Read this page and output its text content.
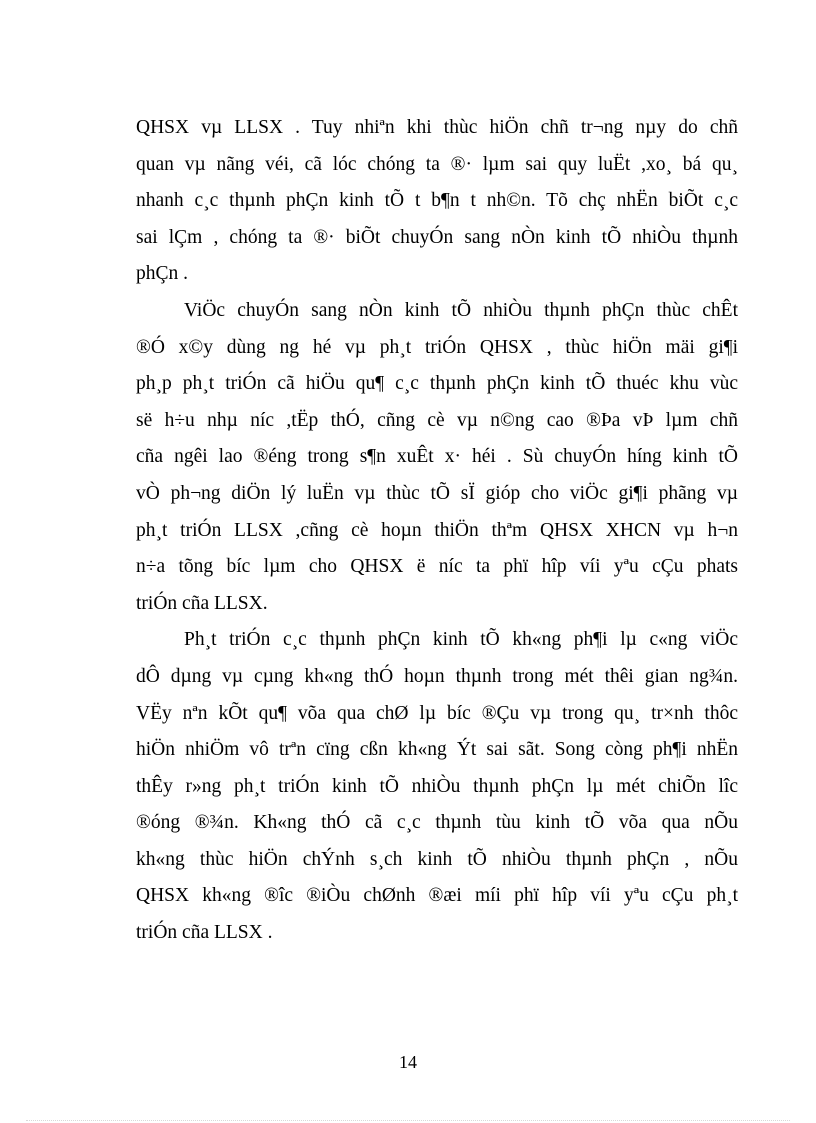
QHSX vµ LLSX . Tuy nhiªn khi thùc hiÖn chñ tr¬ng nµy do chñ
quan vµ nãng véi, cã lóc chóng ta ®· lµm sai quy luËt ,xo¸ bá qu¸
nhanh c¸c thµnh phÇn kinh tÕ t b¶n t nh©n. Tõ chç nhËn biÕt c¸c
sai lÇm , chóng ta ®· biÕt chuyÓn sang nÒn kinh tÕ nhiÒu thµnh
phÇn .
ViÖc chuyÓn sang nÒn kinh tÕ nhiÒu thµnh phÇn thùc chÊt
®Ó x©y dùng ng hé vµ ph¸t triÓn QHSX , thùc hiÖn mäi gi¶i
ph¸p ph¸t triÓn cã hiÖu qu¶ c¸c thµnh phÇn kinh tÕ thuéc khu vùc
së h÷u nhµ níc ,tËp thÓ, cñng cè vµ n©ng cao ®Þa vÞ lµm chñ
cña ngêi lao ®éng trong s¶n xuÊt x· héi . Sù chuyÓn híng kinh tÕ
vÒ ph¬ng diÖn lý luËn vµ thùc tÕ sÏ gióp cho viÖc gi¶i phãng vµ
ph¸t triÓn LLSX ,cñng cè hoµn thiÖn thªm QHSX XHCN vµ h¬n
n÷a tõng bíc lµm cho QHSX ë níc ta phï hîp víi yªu cÇu phats
triÓn cña LLSX.
Ph¸t triÓn c¸c thµnh phÇn kinh tÕ kh«ng ph¶i lµ c«ng viÖc
dÔ dµng vµ cµng kh«ng thÓ hoµn thµnh trong mét thêi gian ng¾n.
VËy nªn kÕt qu¶ võa qua chØ lµ bíc ®Çu vµ trong qu¸ tr×nh thôc
hiÖn nhiÖm vô trªn cïng cßn kh«ng Ýt sai sãt. Song còng ph¶i nhËn
thÊy r»ng ph¸t triÓn kinh tÕ nhiÒu thµnh phÇn lµ mét chiÕn lîc
®óng ®¾n. Kh«ng thÓ cã c¸c thµnh tùu kinh tÕ võa qua nÕu
kh«ng thùc hiÖn chÝnh s¸ch kinh tÕ nhiÒu thµnh phÇn , nÕu
QHSX kh«ng ®îc ®iÒu chØnh ®æi míi phï hîp víi yªu cÇu ph¸t
triÓn cña LLSX .
14
